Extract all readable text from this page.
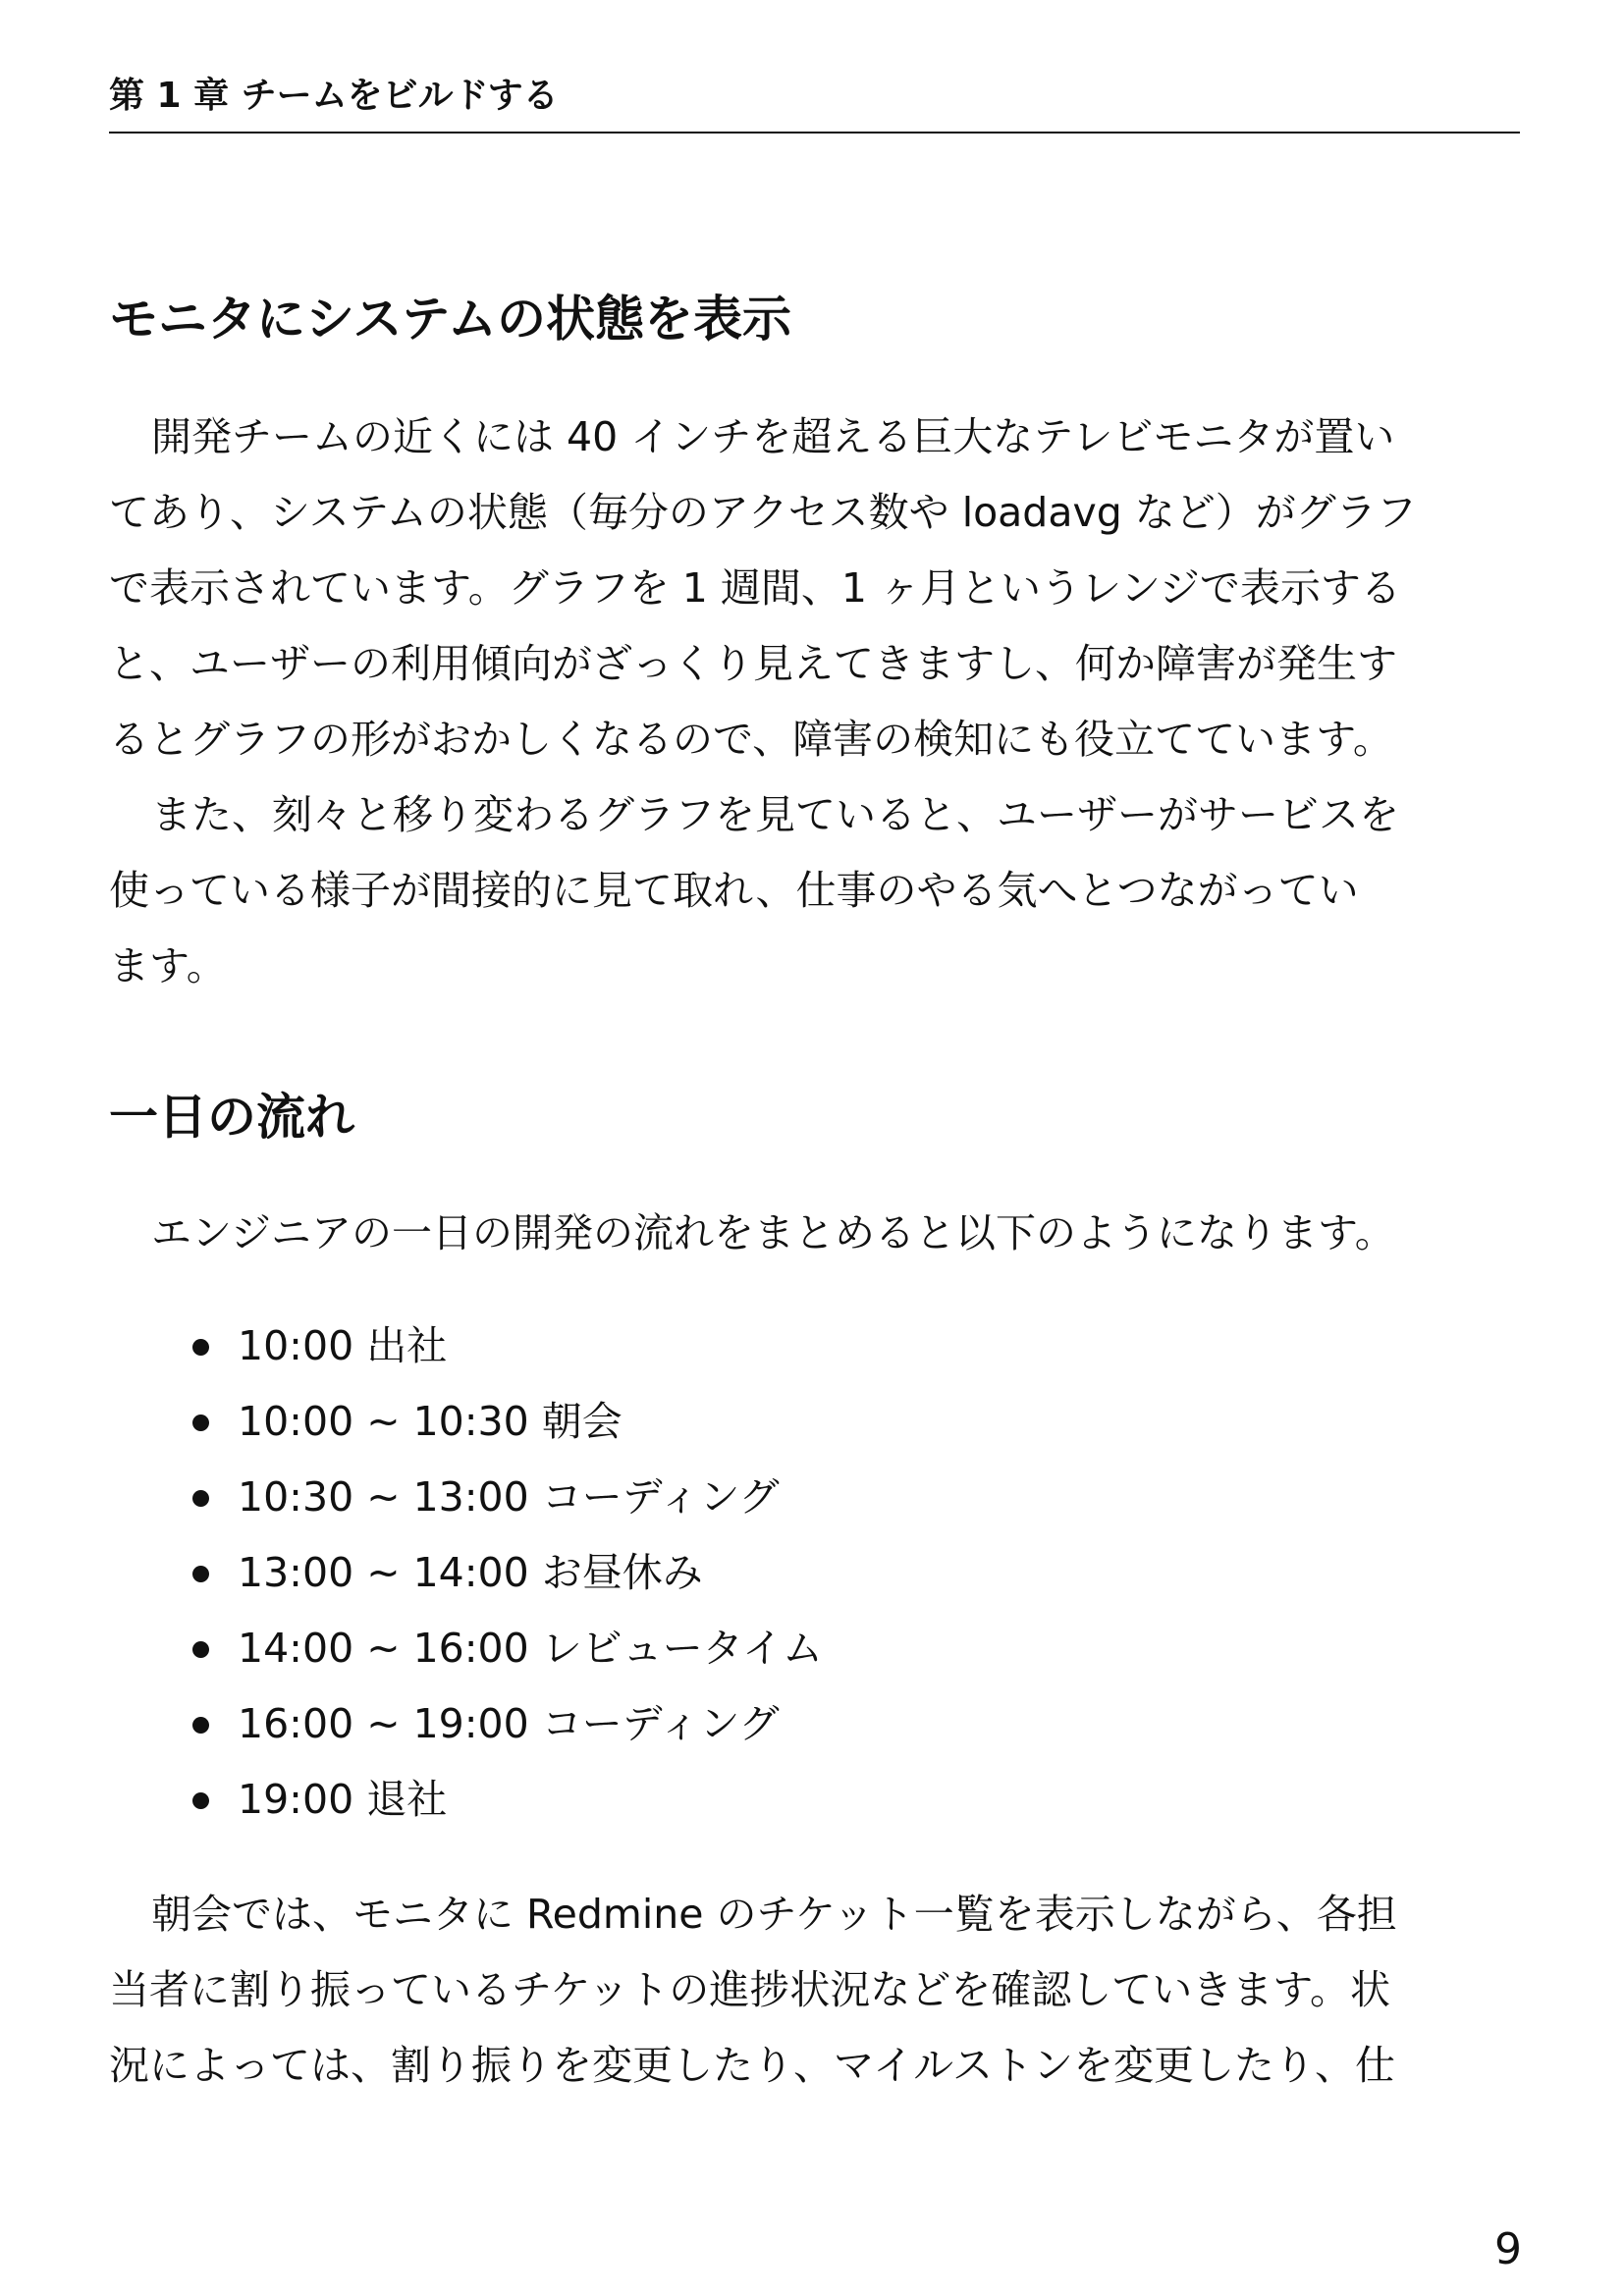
第 1 章 チームをビルドする
モニタにシステムの状態を表示
開発チームの近くには 40 インチを超える巨大なテレビモニタが置い
てあり、システムの状態（毎分のアクセス数や loadavg など）がグラフ
で表示されています。グラフを 1 週間、1 ヶ月というレンジで表示する
と、ユーザーの利用傾向がざっくり見えてきますし、何か障害が発生す
るとグラフの形がおかしくなるので、障害の検知にも役立てています。
また、刻々と移り変わるグラフを見ていると、ユーザーがサービスを
使っている様子が間接的に見て取れ、仕事のやる気へとつながってい
ます。
一日の流れ
エンジニアの一日の開発の流れをまとめると以下のようになります。
10:00 出社
10:00 ~ 10:30 朝会
10:30 ~ 13:00 コーディング
13:00 ~ 14:00 お昼休み
14:00 ~ 16:00 レビュータイム
16:00 ~ 19:00 コーディング
19:00 退社
朝会では、モニタに Redmine のチケット一覧を表示しながら、各担
当者に割り振っているチケットの進捗状況などを確認していきます。状
況によっては、割り振りを変更したり、マイルストンを変更したり、仕
9
